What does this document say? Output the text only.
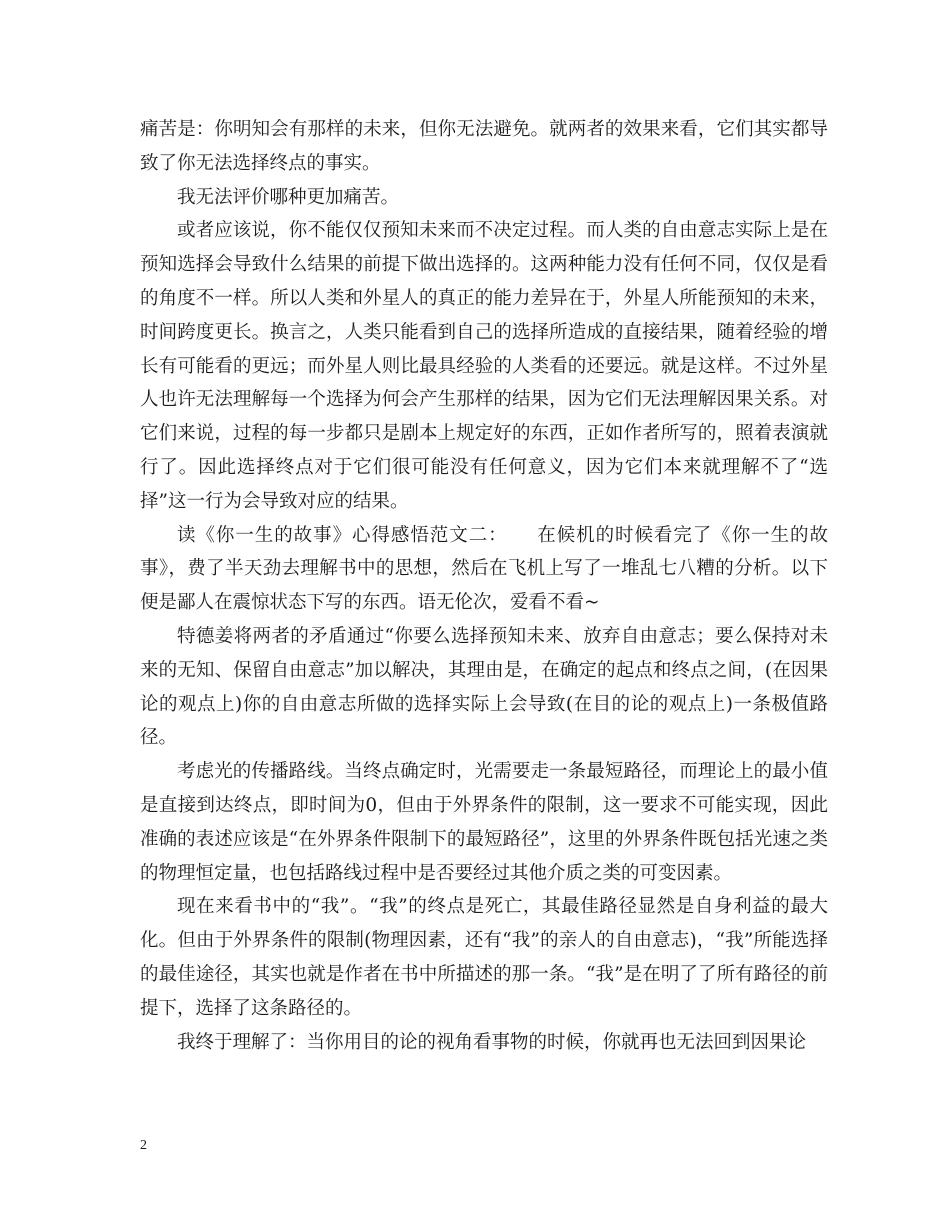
痛苦是：你明知会有那样的未来，但你无法避免。就两者的效果来看，它们其实都导致了你无法选择终点的事实。

我无法评价哪种更加痛苦。

或者应该说，你不能仅仅预知未来而不决定过程。而人类的自由意志实际上是在预知选择会导致什么结果的前提下做出选择的。这两种能力没有任何不同，仅仅是看的角度不一样。所以人类和外星人的真正的能力差异在于，外星人所能预知的未来，时间跨度更长。换言之，人类只能看到自己的选择所造成的直接结果，随着经验的增长有可能看的更远；而外星人则比最具经验的人类看的还要远。就是这样。不过外星人也许无法理解每一个选择为何会产生那样的结果，因为它们无法理解因果关系。对它们来说，过程的每一步都只是剧本上规定好的东西，正如作者所写的，照着表演就行了。因此选择终点对于它们很可能没有任何意义，因为它们本来就理解不了“选择”这一行为会导致对应的结果。

读《你一生的故事》心得感悟范文二：　　在候机的时候看完了《你一生的故事》，费了半天劲去理解书中的思想，然后在飞机上写了一堆乱七八糟的分析。以下便是鄙人在震惊状态下写的东西。语无伦次，爱看不看~

特德姜将两者的矛盾通过“你要么选择预知未来、放弃自由意志；要么保持对未来的无知、保留自由意志”加以解决，其理由是，在确定的起点和终点之间，(在因果论的观点上)你的自由意志所做的选择实际上会导致(在目的论的观点上)一条极值路径。

考虑光的传播路线。当终点确定时，光需要走一条最短路径，而理论上的最小值是直接到达终点，即时间为0，但由于外界条件的限制，这一要求不可能实现，因此准确的表述应该是“在外界条件限制下的最短路径”，这里的外界条件既包括光速之类的物理恒定量，也包括路线过程中是否要经过其他介质之类的可变因素。

现在来看书中的“我”。“我”的终点是死亡，其最佳路径显然是自身利益的最大化。但由于外界条件的限制(物理因素，还有“我”的亲人的自由意志)，“我”所能选择的最佳途径，其实也就是作者在书中所描述的那一条。“我”是在明了了所有路径的前提下，选择了这条路径的。

我终于理解了：当你用目的论的视角看事物的时候，你就再也无法回到因果论

2
